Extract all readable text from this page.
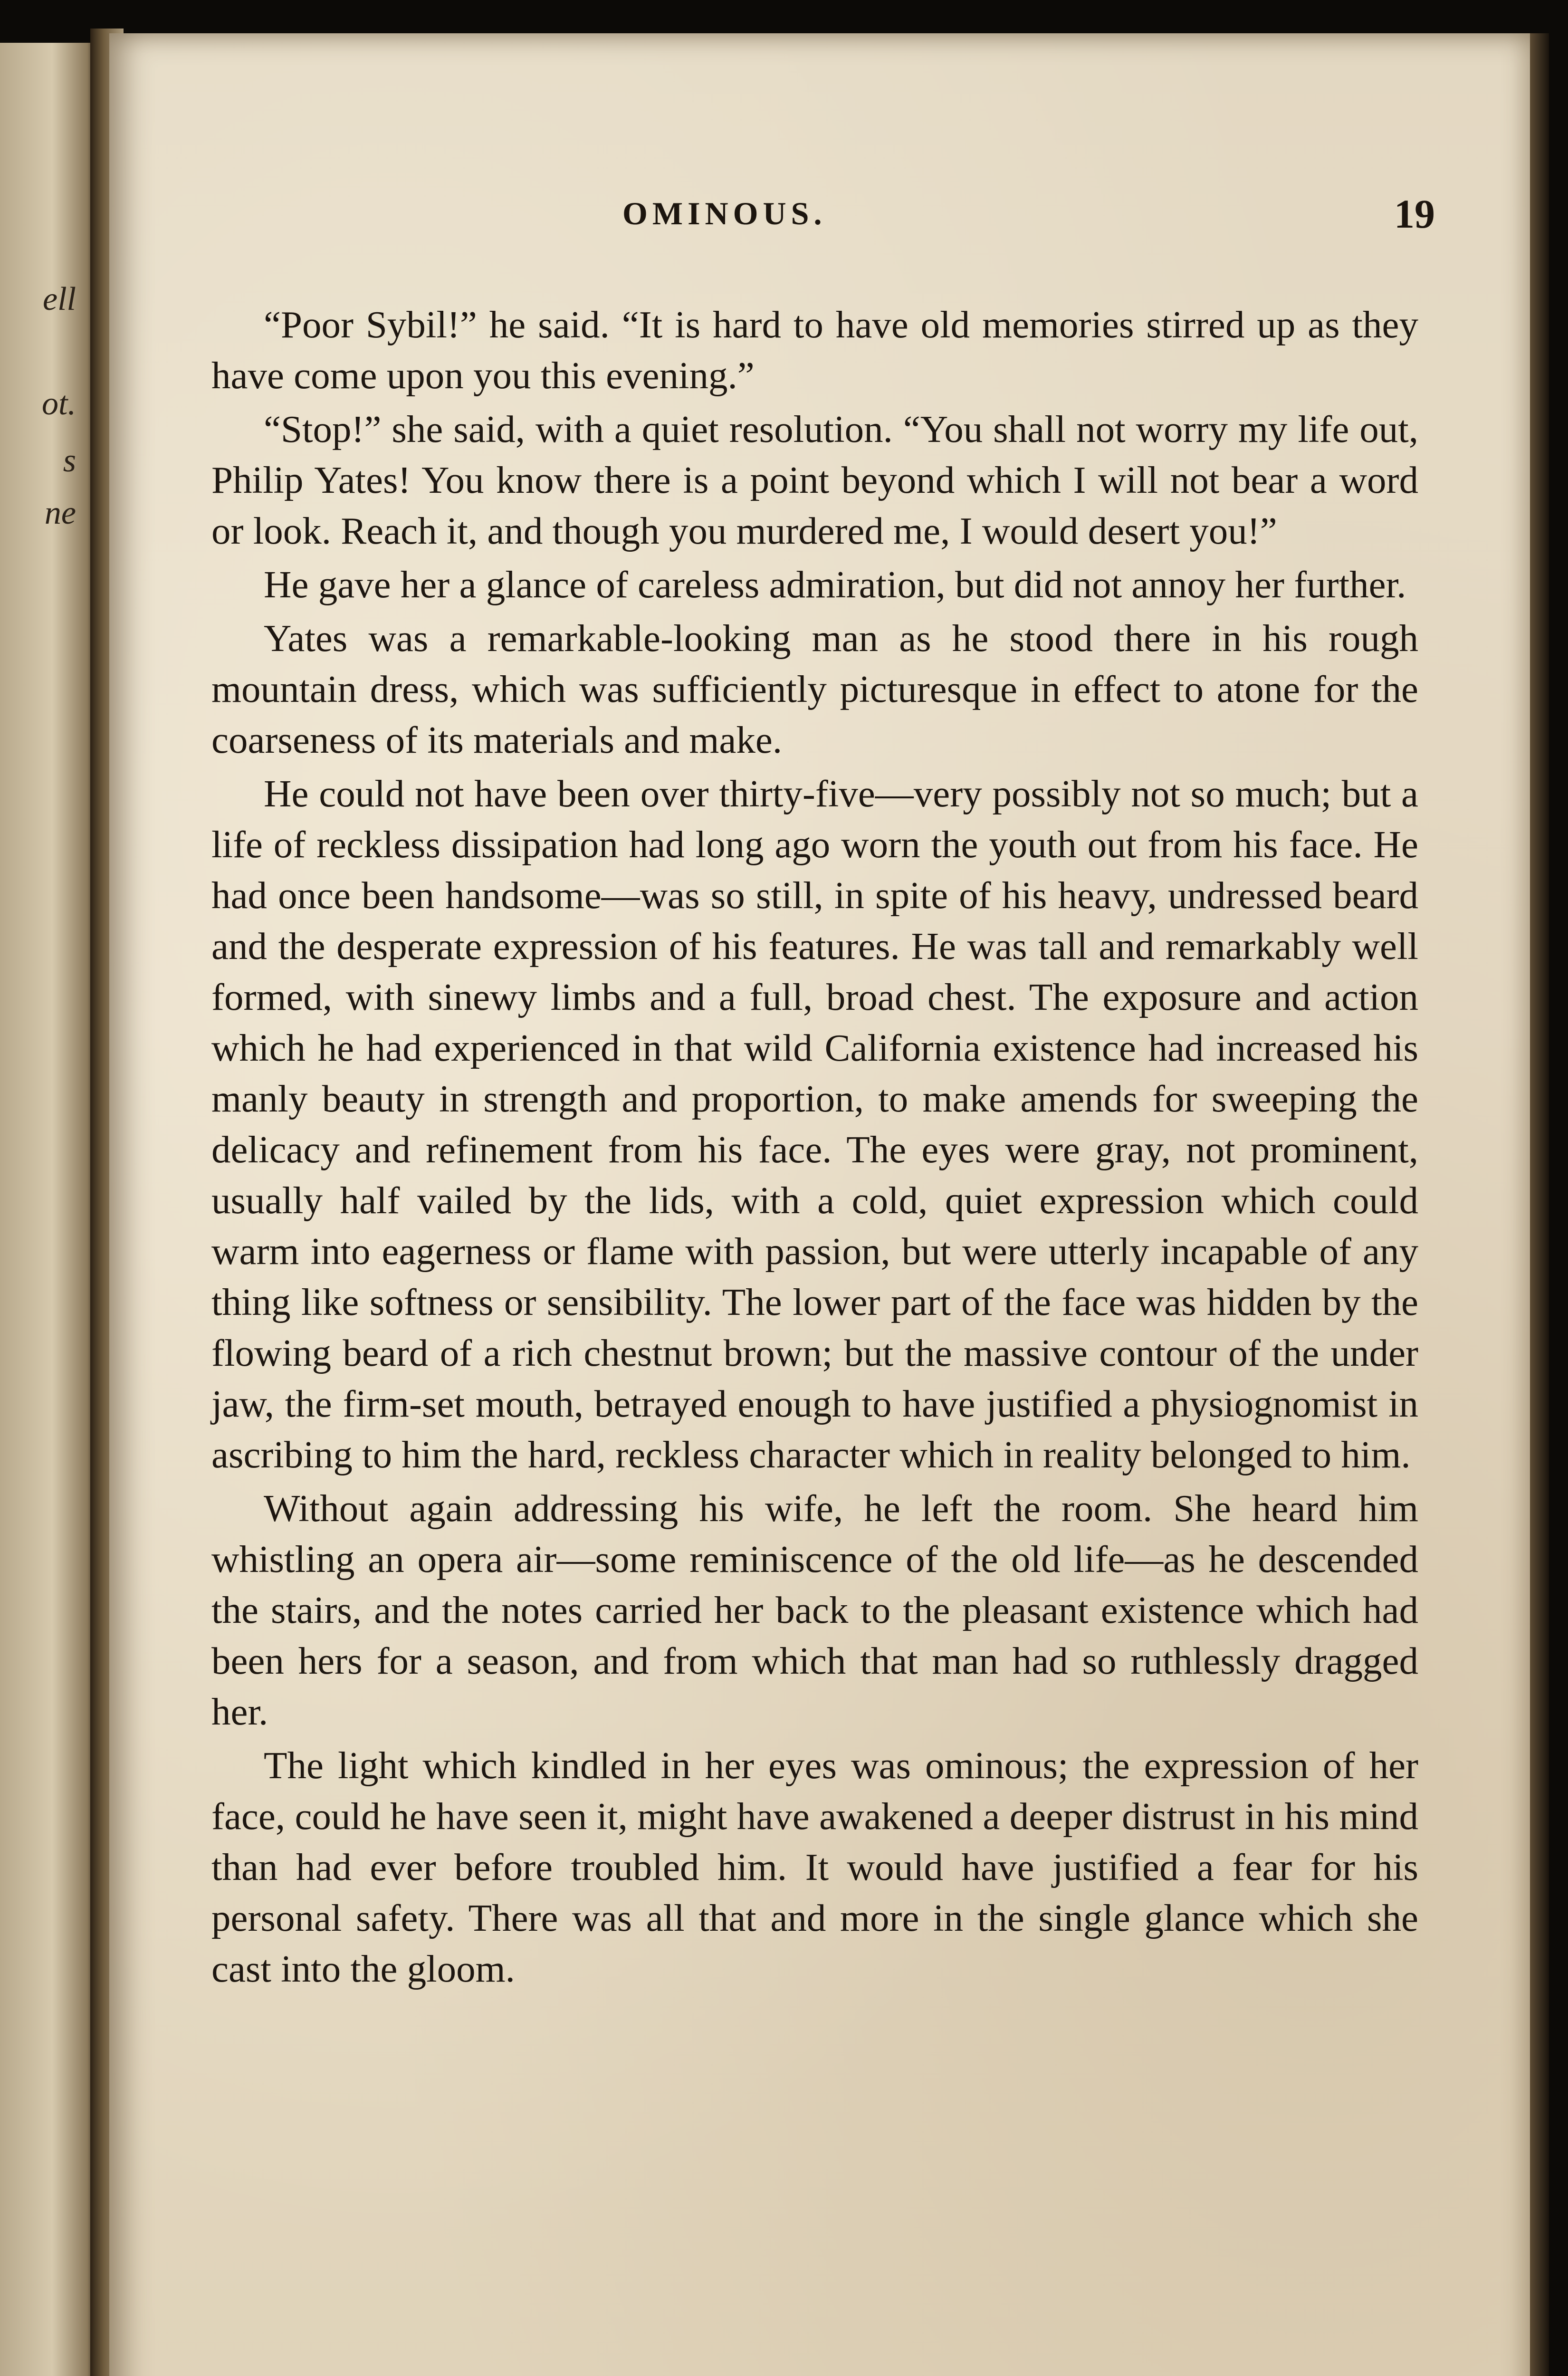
ell
ot.
s
ne
OMINOUS.	19

“Poor Sybil!” he said. “It is hard to have old memories stirred up as they have come upon you this evening.”

“Stop!” she said, with a quiet resolution. “You shall not worry my life out, Philip Yates! You know there is a point beyond which I will not bear a word or look. Reach it, and though you murdered me, I would desert you!”

He gave her a glance of careless admiration, but did not annoy her further.

Yates was a remarkable-looking man as he stood there in his rough mountain dress, which was sufficiently picturesque in effect to atone for the coarseness of its materials and make.

He could not have been over thirty-five—very possibly not so much; but a life of reckless dissipation had long ago worn the youth out from his face. He had once been handsome—was so still, in spite of his heavy, undressed beard and the desperate expression of his features. He was tall and remarkably well formed, with sinewy limbs and a full, broad chest. The exposure and action which he had experienced in that wild California existence had increased his manly beauty in strength and proportion, to make amends for sweeping the delicacy and refinement from his face. The eyes were gray, not prominent, usually half vailed by the lids, with a cold, quiet expression which could warm into eagerness or flame with passion, but were utterly incapable of any thing like softness or sensibility. The lower part of the face was hidden by the flowing beard of a rich chestnut brown; but the massive contour of the under jaw, the firm-set mouth, betrayed enough to have justified a physiognomist in ascribing to him the hard, reckless character which in reality belonged to him.

Without again addressing his wife, he left the room. She heard him whistling an opera air—some reminiscence of the old life—as he descended the stairs, and the notes carried her back to the pleasant existence which had been hers for a season, and from which that man had so ruthlessly dragged her.

The light which kindled in her eyes was ominous; the expression of her face, could he have seen it, might have awakened a deeper distrust in his mind than had ever before troubled him. It would have justified a fear for his personal safety. There was all that and more in the single glance which she cast into the gloom.
